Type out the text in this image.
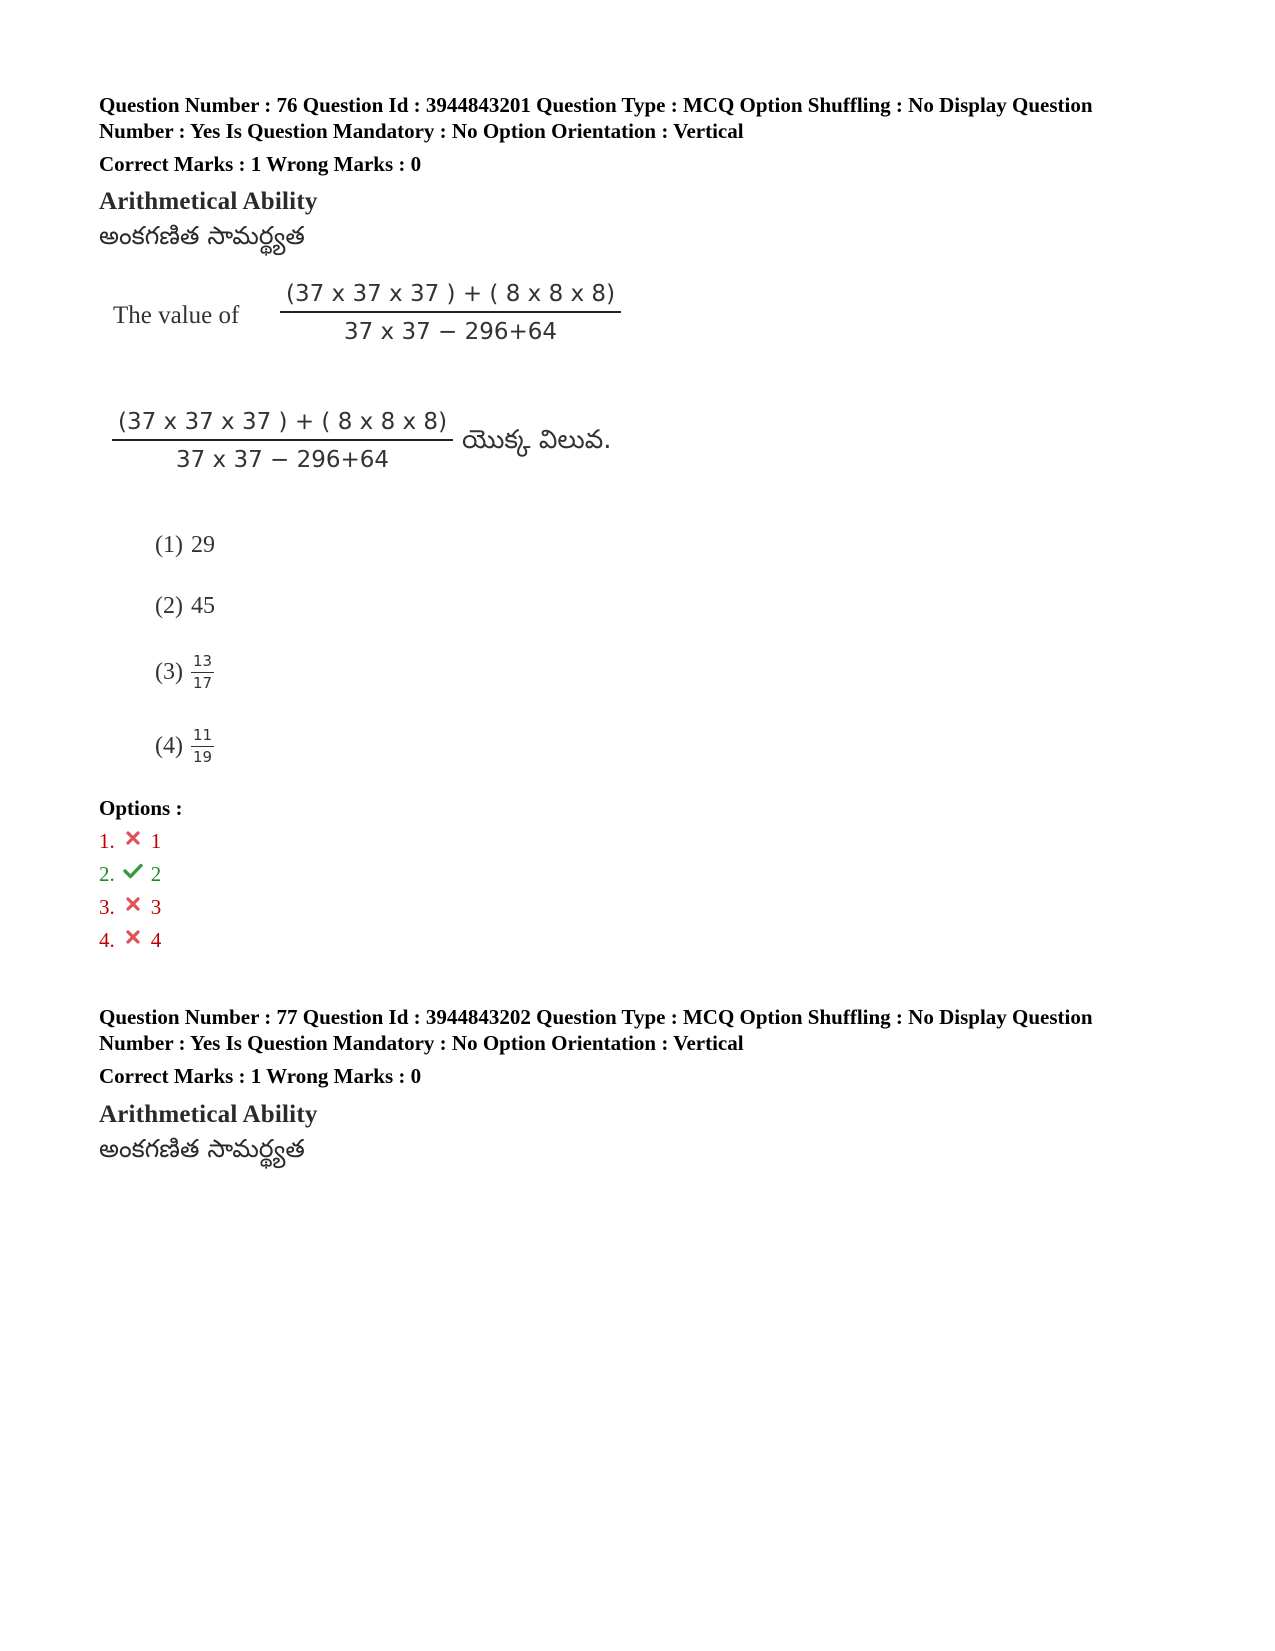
Question Number : 76 Question Id : 3944843201 Question Type : MCQ Option Shuffling : No Display Question
Number : Yes Is Question Mandatory : No Option Orientation : Vertical
Correct Marks : 1 Wrong Marks : 0
Arithmetical Ability
అంకగణిత సామర్థ్యత
The value of $\frac{(37 x 37 x 37 ) + ( 8 x 8 x 8)}{37 x 37 - 296+64}$
$\frac{(37 x 37 x 37 ) + ( 8 x 8 x 8)}{37 x 37 - 296+64}$ యొక్క విలువ.
(1) 29
(2) 45
$(3) \frac{13}{17}$
$(4) \frac{11}{19}$
Options :
1. 1
2. 2
3. 3
4. 4
Question Number : 77 Question Id : 3944843202 Question Type : MCQ Option Shuffling : No Display Question
Number : Yes Is Question Mandatory : No Option Orientation : Vertical
Correct Marks : 1 Wrong Marks : 0
Arithmetical Ability
అంకగణిత సామర్థ్యత
